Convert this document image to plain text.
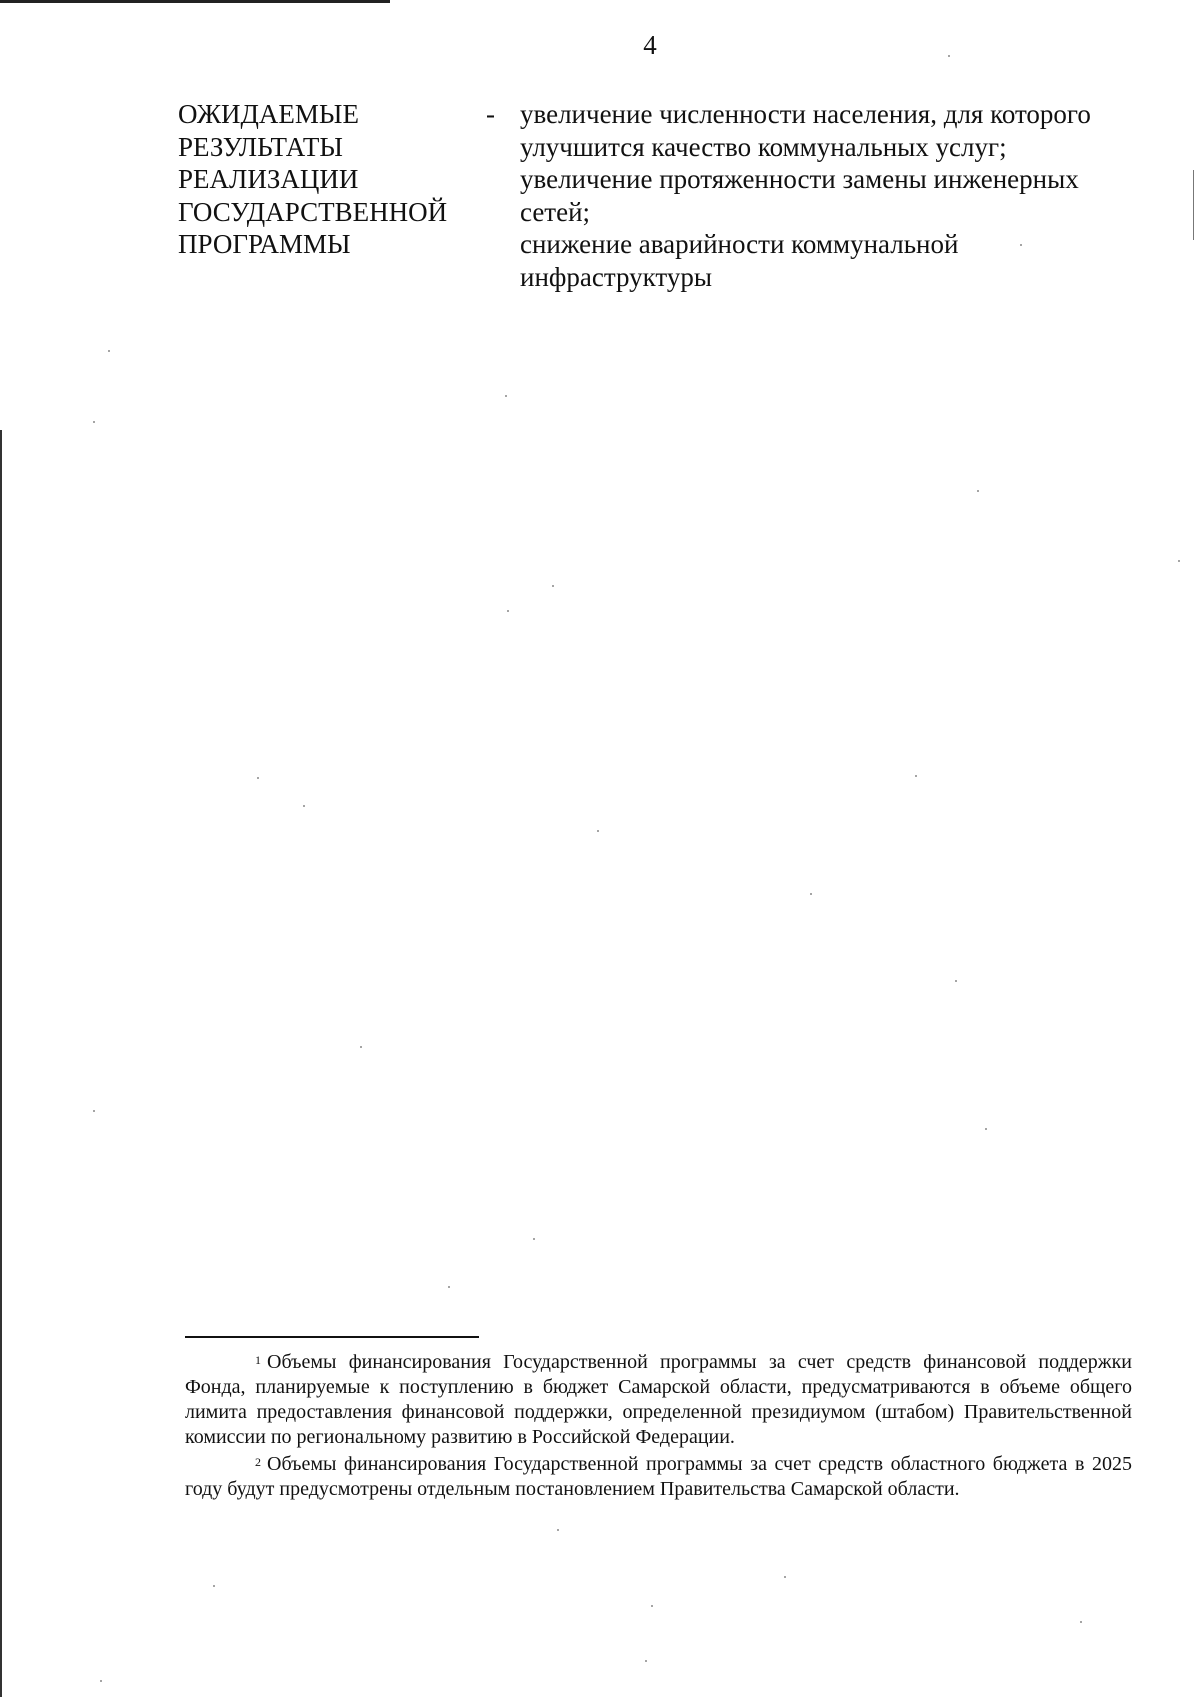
4
ОЖИДАЕМЫЕ
РЕЗУЛЬТАТЫ
РЕАЛИЗАЦИИ
ГОСУДАРСТВЕННОЙ
ПРОГРАММЫ
- увеличение численности населения, для которого улучшится качество коммунальных услуг;
увеличение протяженности замены инженерных сетей;
снижение аварийности коммунальной инфраструктуры

$^1$ Объемы финансирования Государственной программы за счет средств финансовой поддержки Фонда, планируемые к поступлению в бюджет Самарской области, предусматриваются в объеме общего лимита предоставления финансовой поддержки, определенной президиумом (штабом) Правительственной комиссии по региональному развитию в Российской Федерации.

$^2$ Объемы финансирования Государственной программы за счет средств областного бюджета в 2025 году будут предусмотрены отдельным постановлением Правительства Самарской области.
